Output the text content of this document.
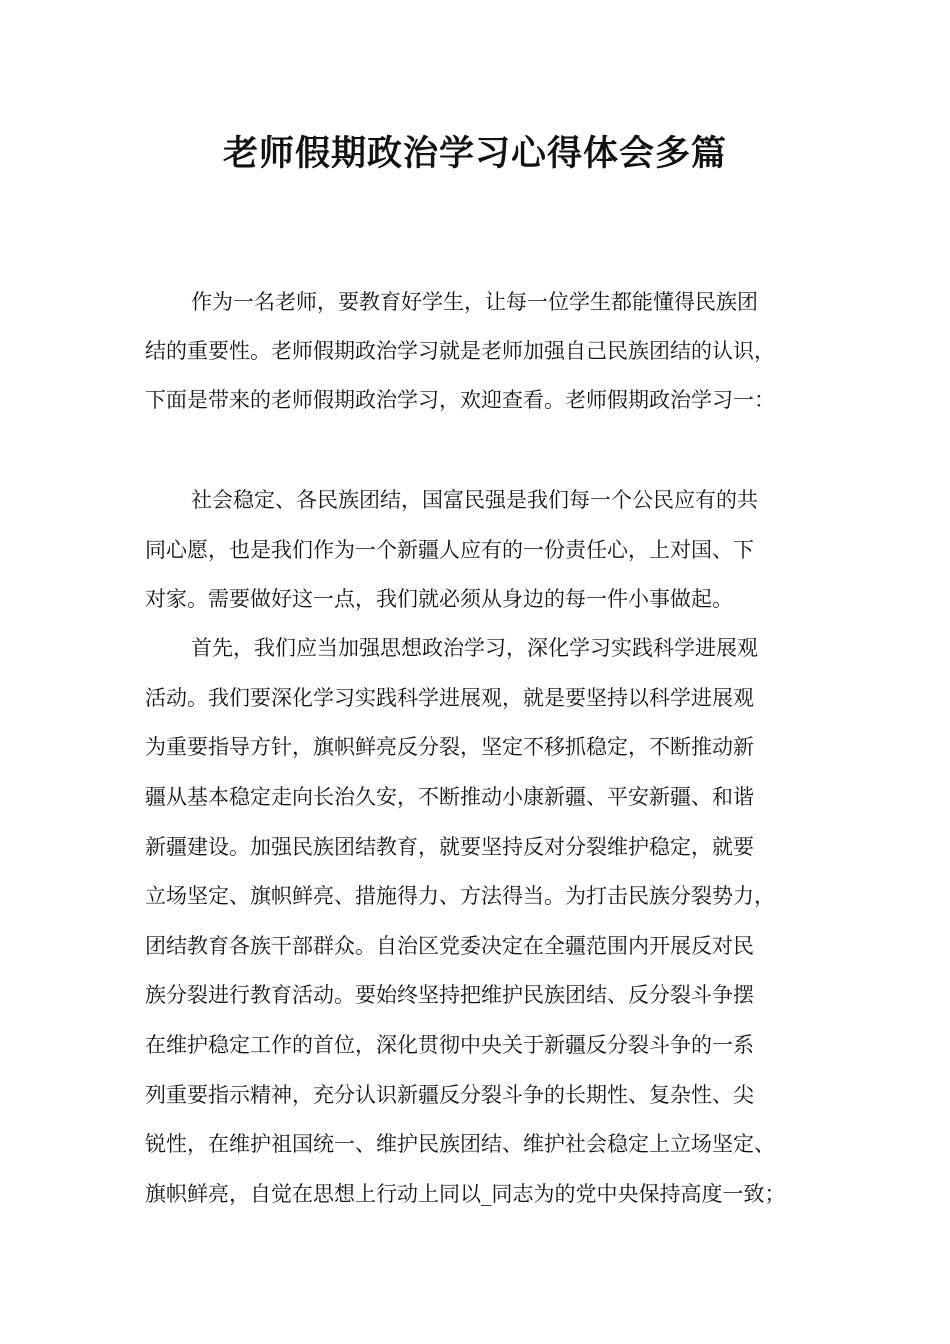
老师假期政治学习心得体会多篇
作为一名老师，要教育好学生，让每一位学生都能懂得民族团
结的重要性。老师假期政治学习就是老师加强自己民族团结的认识，
下面是带来的老师假期政治学习，欢迎查看。老师假期政治学习一：
社会稳定、各民族团结，国富民强是我们每一个公民应有的共
同心愿，也是我们作为一个新疆人应有的一份责任心，上对国、下
对家。需要做好这一点，我们就必须从身边的每一件小事做起。
首先，我们应当加强思想政治学习，深化学习实践科学进展观
活动。我们要深化学习实践科学进展观，就是要坚持以科学进展观
为重要指导方针，旗帜鲜亮反分裂，坚定不移抓稳定，不断推动新
疆从基本稳定走向长治久安，不断推动小康新疆、平安新疆、和谐
新疆建设。加强民族团结教育，就要坚持反对分裂维护稳定，就要
立场坚定、旗帜鲜亮、措施得力、方法得当。为打击民族分裂势力，
团结教育各族干部群众。自治区党委决定在全疆范围内开展反对民
族分裂进行教育活动。要始终坚持把维护民族团结、反分裂斗争摆
在维护稳定工作的首位，深化贯彻中央关于新疆反分裂斗争的一系
列重要指示精神，充分认识新疆反分裂斗争的长期性、复杂性、尖
锐性，在维护祖国统一、维护民族团结、维护社会稳定上立场坚定、
旗帜鲜亮，自觉在思想上行动上同以_同志为的党中央保持高度一致；
